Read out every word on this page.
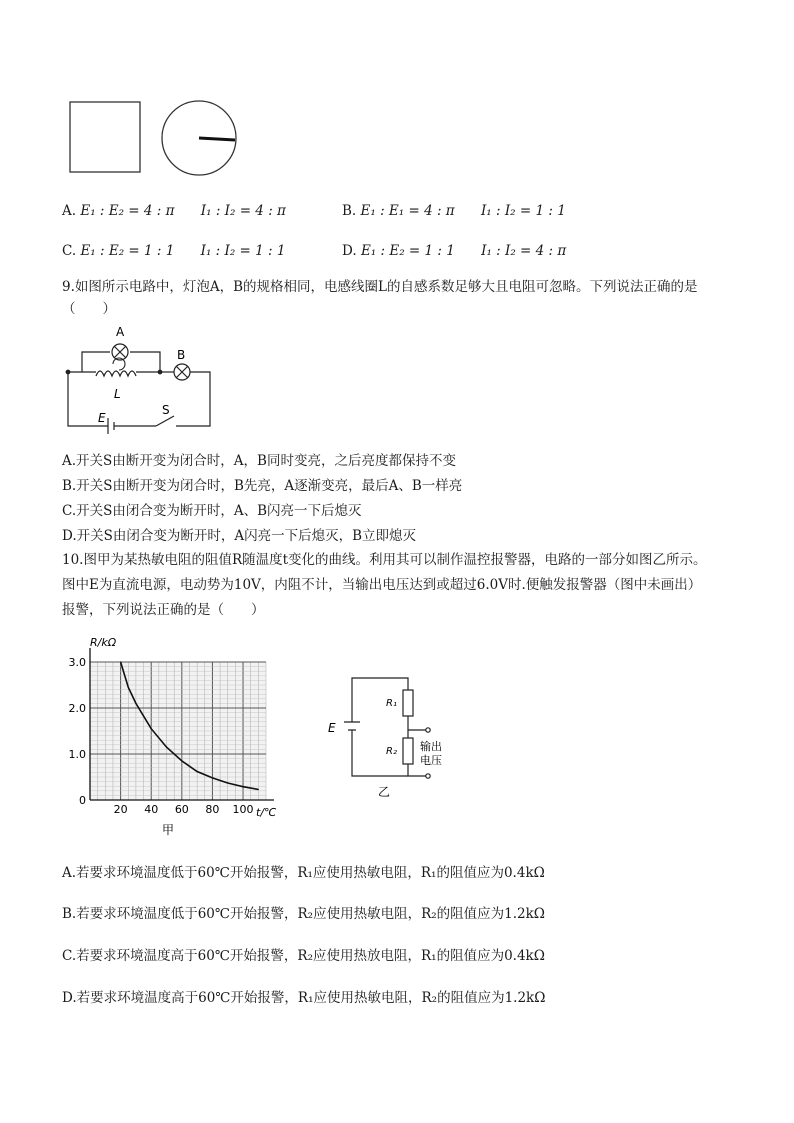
A. E₁ : E₂ = 4 : π I₁ : I₂ = 4 : π	B. E₁ : E₁ = 4 : π I₁ : I₂ = 1 : 1
C. E₁ : E₂ = 1 : 1 I₁ : I₂ = 1 : 1	D. E₁ : E₂ = 1 : 1 I₁ : I₂ = 4 : π
9.如图所示电路中，灯泡A，B的规格相同，电感线圈L的自感系数足够大且电阻可忽略。下列说法正确的是
（　　）
A
B
L
E
S
A.开关S由断开变为闭合时，A，B同时变亮，之后亮度都保持不变
B.开关S由断开变为闭合时，B先亮，A逐渐变亮，最后A、B一样亮
C.开关S由闭合变为断开时，A、B闪亮一下后熄灭
D.开关S由闭合变为断开时，A闪亮一下后熄灭，B立即熄灭
10.图甲为某热敏电阻的阻值R随温度t变化的曲线。利用其可以制作温控报警器，电路的一部分如图乙所示。
图中E为直流电源，电动势为10V，内阻不计，当输出电压达到或超过6.0V时.便触发报警器（图中未画出）
报警，下列说法正确的是（　　）
20 40 60 80 100
0
1.0
2.0
3.0
R/kΩ
t/℃
甲
E
R₁
R₂ 输出
电压
乙
A.若要求环境温度低于60℃开始报警，R₁应使用热敏电阻，R₁的阻值应为0.4kΩ
B.若要求环境温度低于60℃开始报警，R₂应使用热敏电阻，R₂的阻值应为1.2kΩ
C.若要求环境温度高于60℃开始报警，R₂应使用热放电阻，R₁的阻值应为0.4kΩ
D.若要求环境温度高于60℃开始报警，R₁应使用热敏电阻，R₂的阻值应为1.2kΩ
